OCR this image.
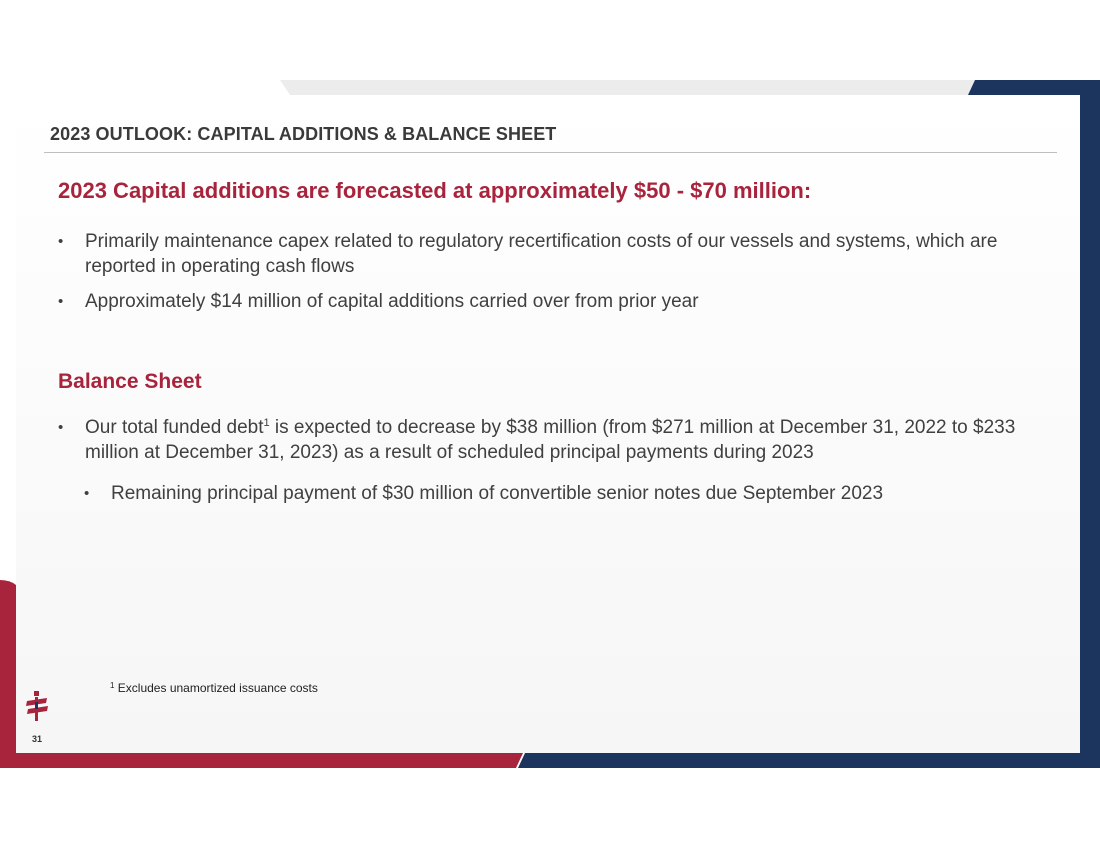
2023 OUTLOOK: CAPITAL ADDITIONS & BALANCE SHEET
2023 Capital additions are forecasted at approximately $50 - $70 million:
• Primarily maintenance capex related to regulatory recertification costs of our vessels and systems, which are reported in operating cash flows
• Approximately $14 million of capital additions carried over from prior year
Balance Sheet
• Our total funded debt$^1$ is expected to decrease by $38 million (from $271 million at December 31, 2022 to $233 million at December 31, 2023) as a result of scheduled principal payments during 2023
• Remaining principal payment of $30 million of convertible senior notes due September 2023
$^1$ Excludes unamortized issuance costs
31
